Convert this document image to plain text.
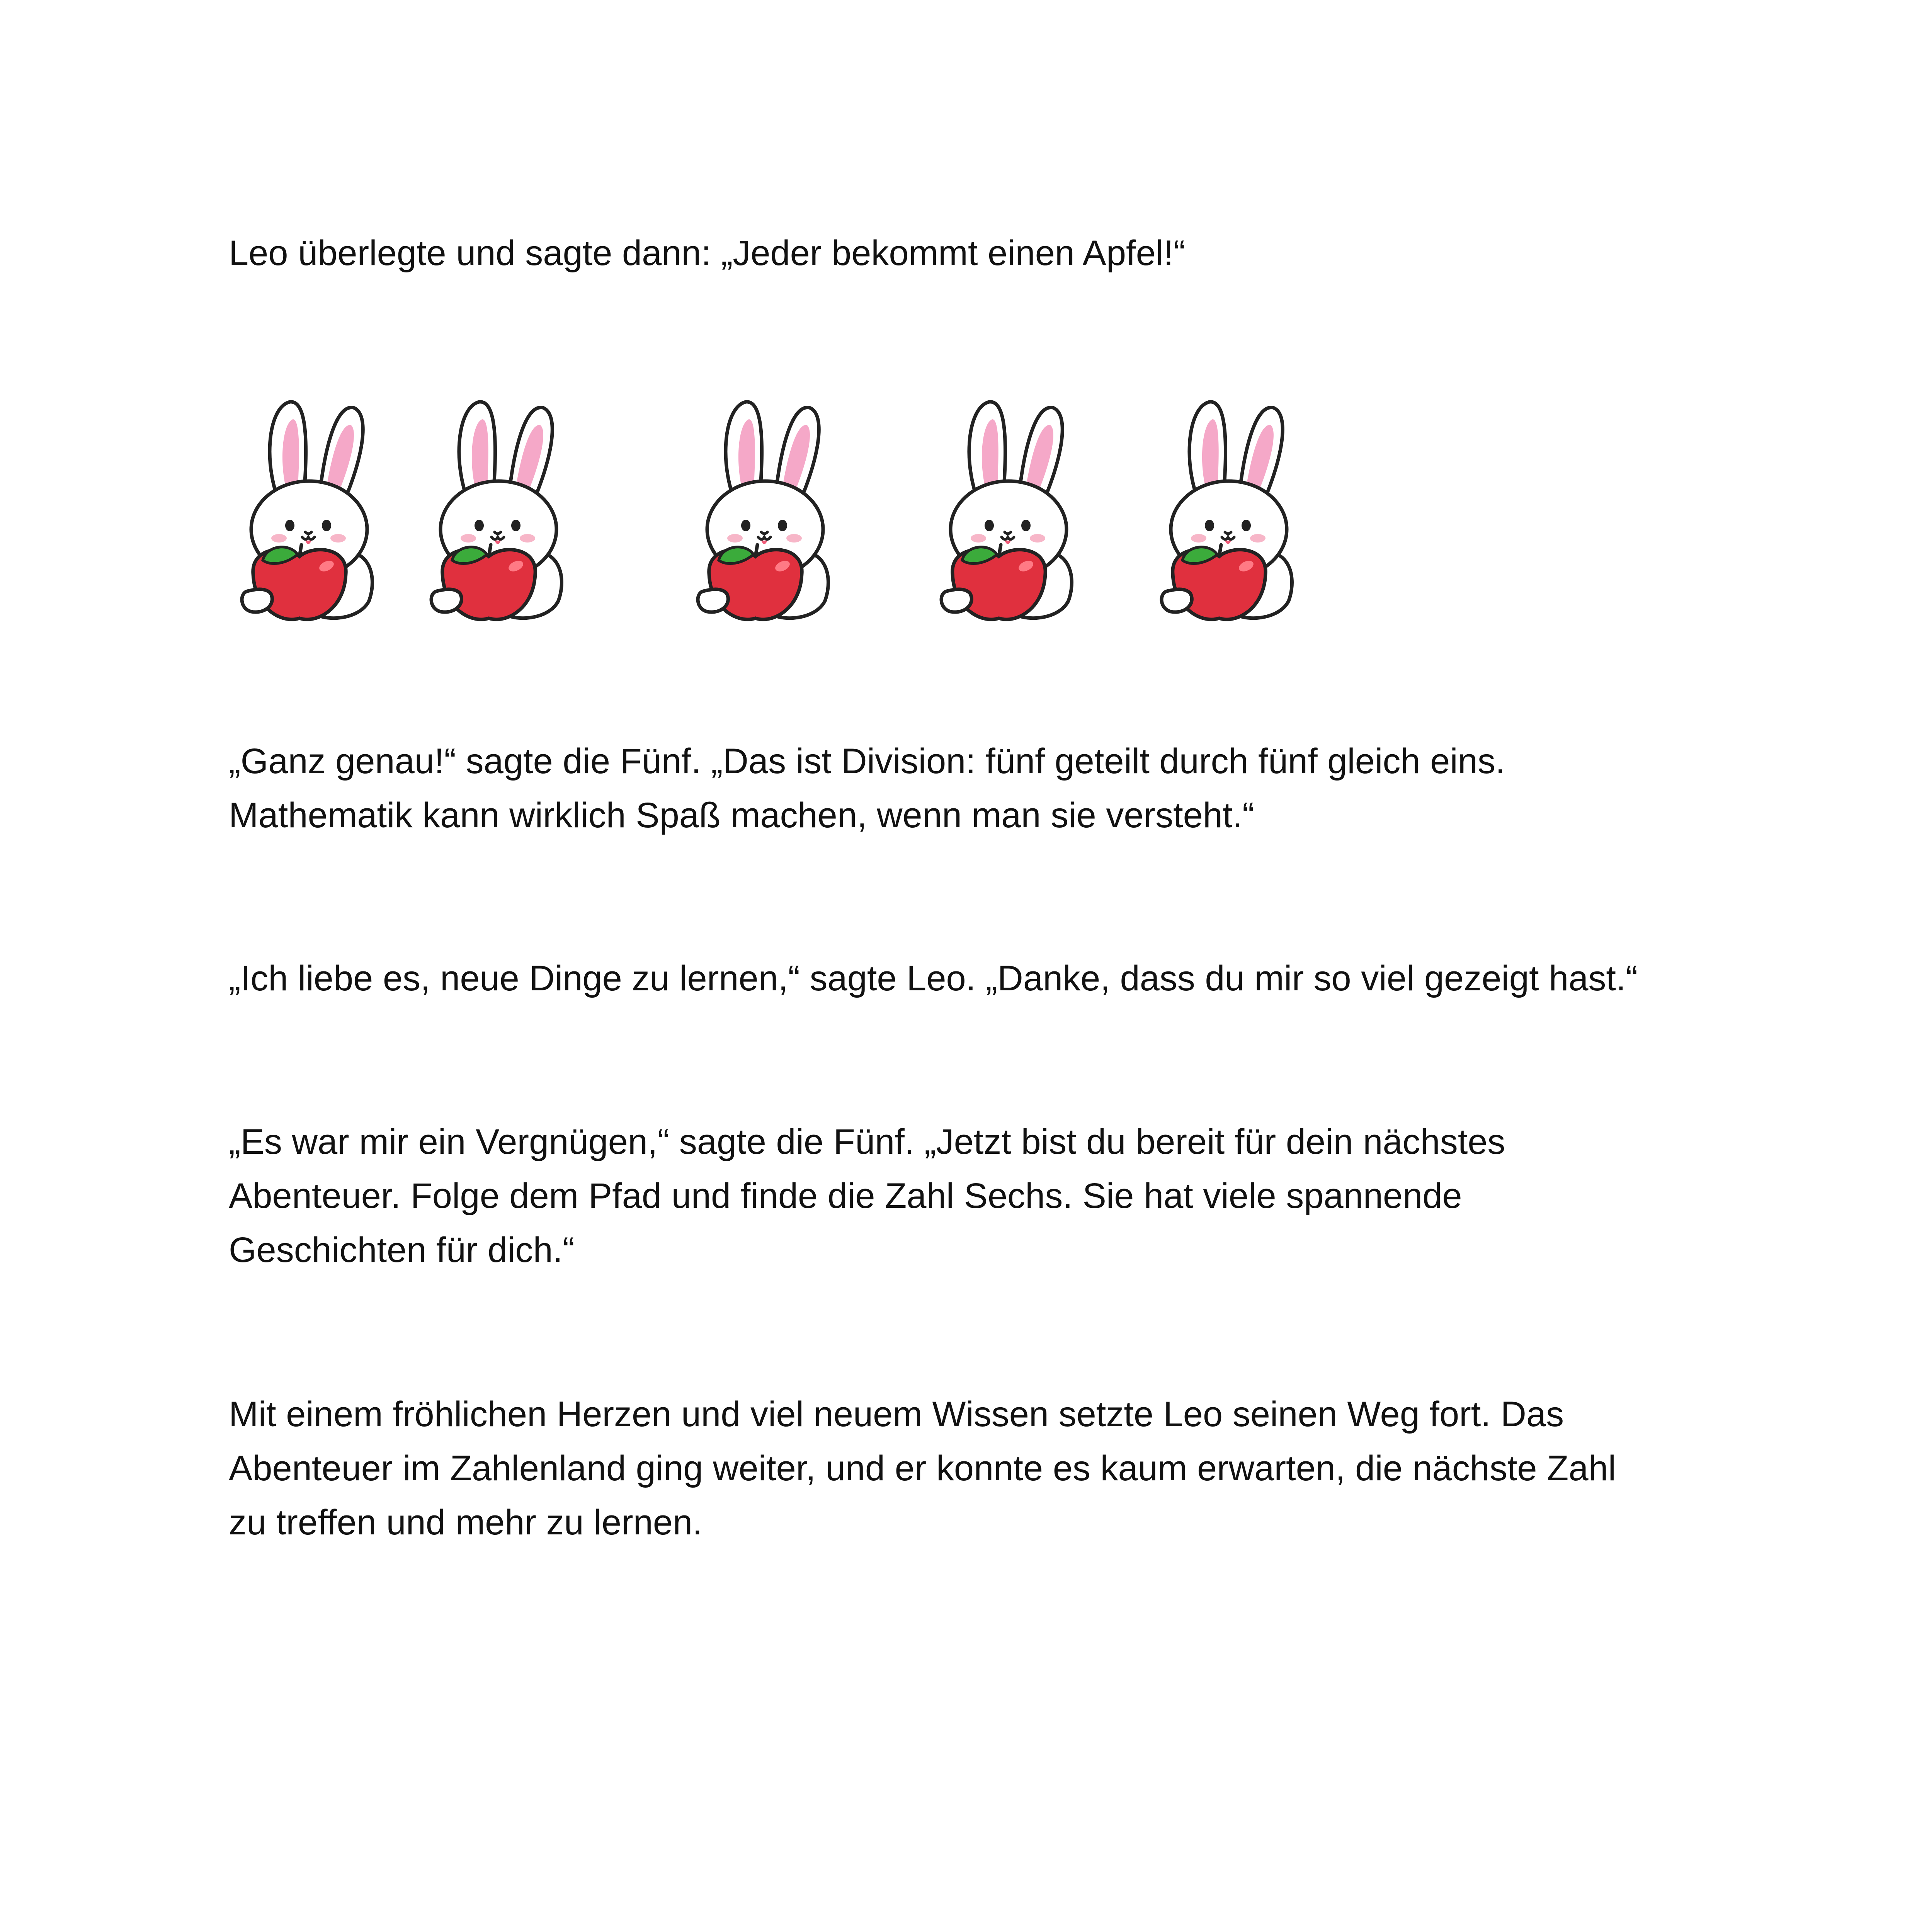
Leo überlegte und sagte dann: „Jeder bekommt einen Apfel!“

„Ganz genau!“ sagte die Fünf. „Das ist Division: fünf geteilt durch fünf gleich eins.
Mathematik kann wirklich Spaß machen, wenn man sie versteht.“

„Ich liebe es, neue Dinge zu lernen,“ sagte Leo. „Danke, dass du mir so viel gezeigt hast.“

„Es war mir ein Vergnügen,“ sagte die Fünf. „Jetzt bist du bereit für dein nächstes
Abenteuer. Folge dem Pfad und finde die Zahl Sechs. Sie hat viele spannende
Geschichten für dich.“

Mit einem fröhlichen Herzen und viel neuem Wissen setzte Leo seinen Weg fort. Das
Abenteuer im Zahlenland ging weiter, und er konnte es kaum erwarten, die nächste Zahl
zu treffen und mehr zu lernen.
